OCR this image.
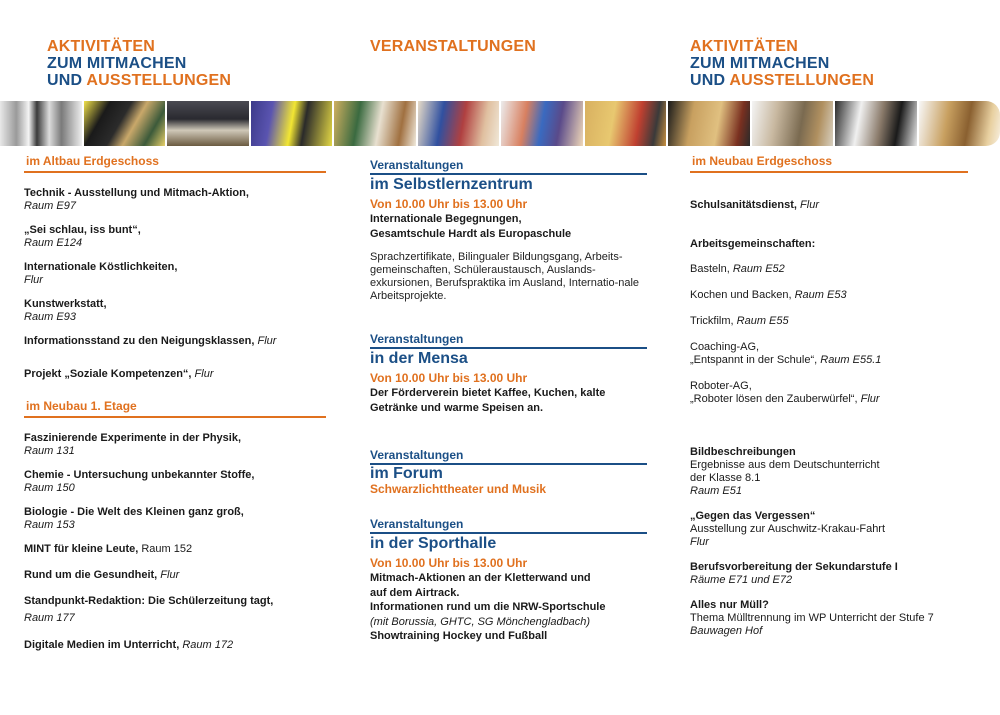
AKTIVITÄTEN
ZUM MITMACHEN
UND AUSSTELLUNGEN
VERANSTALTUNGEN	AKTIVITÄTEN
ZUM MITMACHEN
UND AUSSTELLUNGEN
im Altbau Erdgeschoss
Technik - Ausstellung und Mitmach-Aktion,
Raum E97
„Sei schlau, iss bunt“,
Raum E124
Internationale Köstlichkeiten,
Flur
Kunstwerkstatt,
Raum E93
Informationsstand zu den Neigungsklassen, Flur
Projekt „Soziale Kompetenzen“, Flur
im Neubau 1. Etage
Faszinierende Experimente in der Physik,
Raum 131
Chemie - Untersuchung unbekannter Stoffe,
Raum 150
Biologie - Die Welt des Kleinen ganz groß,
Raum 153
MINT für kleine Leute, Raum 152
Rund um die Gesundheit, Flur
Standpunkt-Redaktion: Die Schülerzeitung tagt,
Raum 177
Digitale Medien im Unterricht, Raum 172
Veranstaltungen
im Selbstlernzentrum
Von 10.00 Uhr bis 13.00 Uhr
Internationale Begegnungen,
Gesamtschule Hardt als Europaschule
Sprachzertifikate, Bilingualer Bildungsgang, Arbeits-gemeinschaften, Schüleraustausch, Auslands-exkursionen, Berufspraktika im Ausland, Internatio-nale Arbeitsprojekte.
Veranstaltungen
in der Mensa
Von 10.00 Uhr bis 13.00 Uhr
Der Förderverein bietet Kaffee, Kuchen, kalte
Getränke und warme Speisen an.
Veranstaltungen
im Forum
Schwarzlichttheater und Musik
Veranstaltungen
in der Sporthalle
Von 10.00 Uhr bis 13.00 Uhr
Mitmach-Aktionen an der Kletterwand und
auf dem Airtrack.
Informationen rund um die NRW-Sportschule
(mit Borussia, GHTC, SG Mönchengladbach)
Showtraining Hockey und Fußball
im Neubau Erdgeschoss
Schulsanitätsdienst, Flur
Arbeitsgemeinschaften:
Basteln, Raum E52
Kochen und Backen, Raum E53
Trickfilm, Raum E55
Coaching-AG,
„Entspannt in der Schule“, Raum E55.1
Roboter-AG,
„Roboter lösen den Zauberwürfel“, Flur
Bildbeschreibungen
Ergebnisse aus dem Deutschunterricht
der Klasse 8.1
Raum E51
„Gegen das Vergessen“
Ausstellung zur Auschwitz-Krakau-Fahrt
Flur
Berufsvorbereitung der Sekundarstufe I
Räume E71 und E72
Alles nur Müll?
Thema Mülltrennung im WP Unterricht der Stufe 7
Bauwagen Hof
